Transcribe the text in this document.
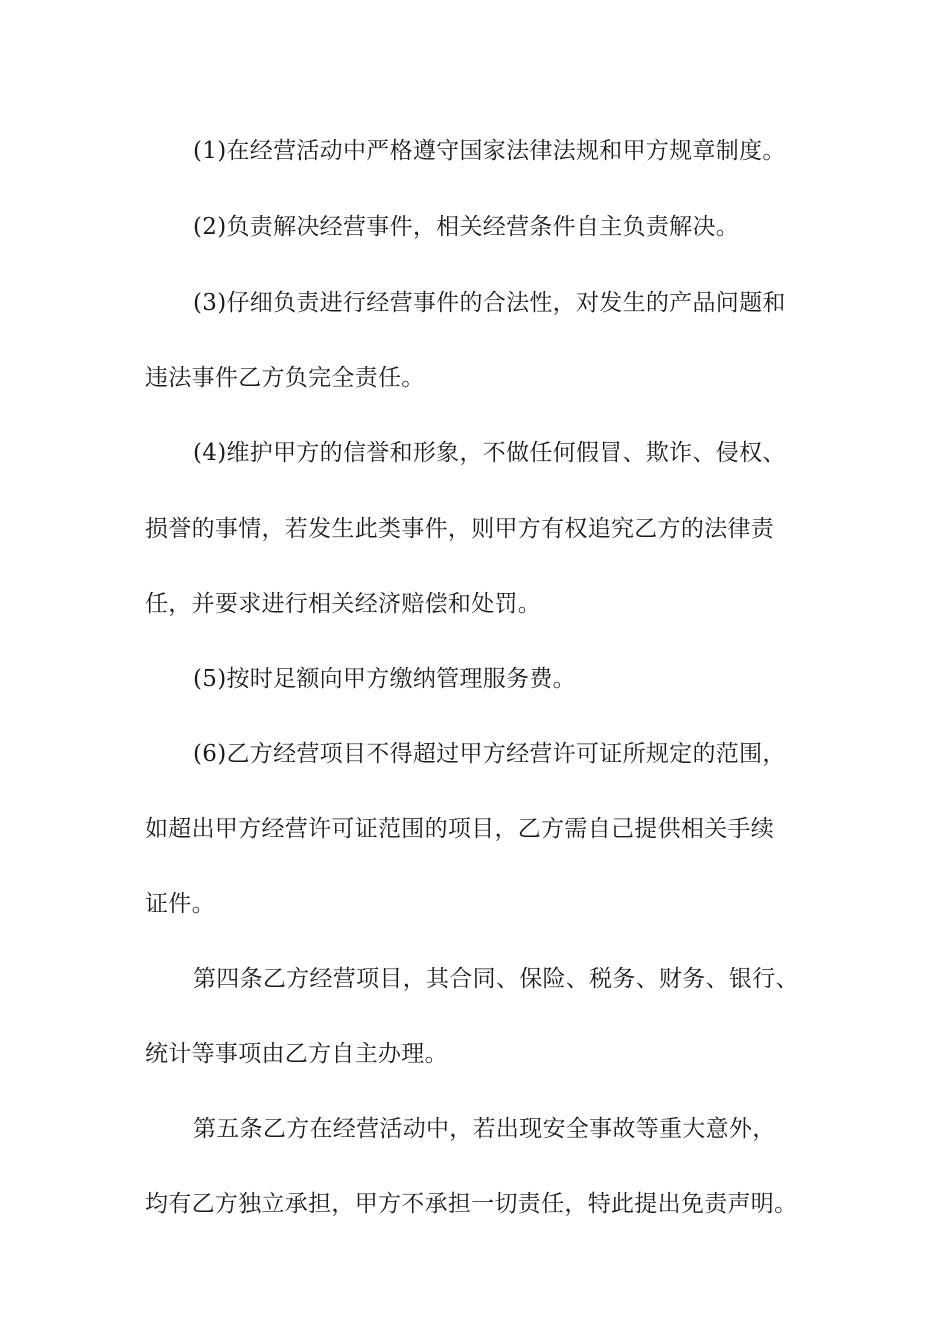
(1)在经营活动中严格遵守国家法律法规和甲方规章制度。
(2)负责解决经营事件，相关经营条件自主负责解决。
(3)仔细负责进行经营事件的合法性，对发生的产品问题和
违法事件乙方负完全责任。
(4)维护甲方的信誉和形象，不做任何假冒、欺诈、侵权、
损誉的事情，若发生此类事件，则甲方有权追究乙方的法律责
任，并要求进行相关经济赔偿和处罚。
(5)按时足额向甲方缴纳管理服务费。
(6)乙方经营项目不得超过甲方经营许可证所规定的范围，
如超出甲方经营许可证范围的项目，乙方需自己提供相关手续
证件。
第四条乙方经营项目，其合同、保险、税务、财务、银行、
统计等事项由乙方自主办理。
第五条乙方在经营活动中，若出现安全事故等重大意外，
均有乙方独立承担，甲方不承担一切责任，特此提出免责声明。
